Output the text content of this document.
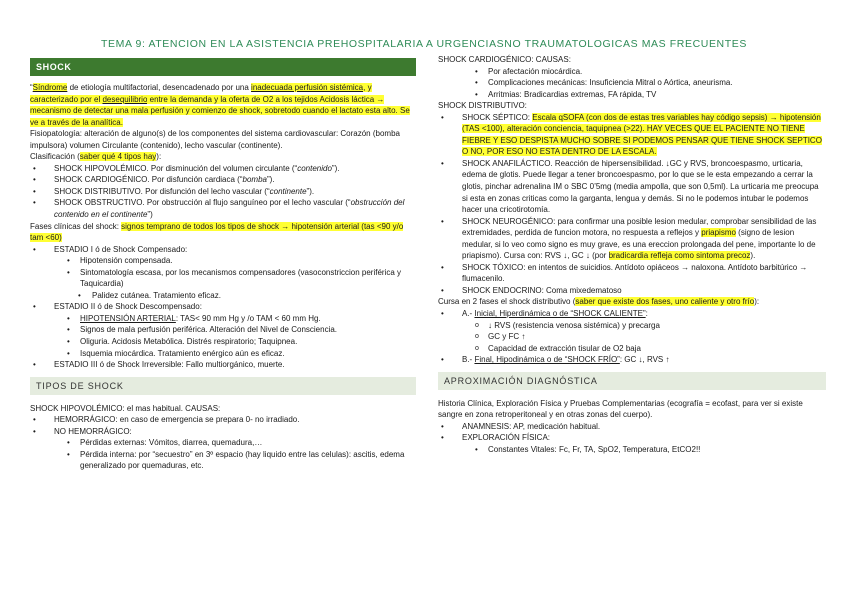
TEMA 9: ATENCION EN LA ASISTENCIA PREHOSPITALARIA A URGENCIASNO TRAUMATOLOGICAS MAS FRECUENTES
SHOCK

“Síndrome de etiología multifactorial, desencadenado por una inadecuada perfusión sistémica, y caracterizado por el desequilibrio entre la demanda y la oferta de O2 a los tejidos Acidosis láctica → mecanismo de detectar una mala perfusión y comienzo de shock, sobretodo cuando el lactato esta alto. Se ve a través de la analítica.

Fisiopatología: alteración de alguno(s) de los componentes del sistema cardiovascular: Corazón (bomba impulsora) volumen Circulante (contenido), lecho vascular (continente).

Clasificación (saber qué 4 tipos hay):

• SHOCK HIPOVOLÉMICO. Por disminución del volumen circulante (“contenido”).
• SHOCK CARDIOGÉNICO. Por disfunción cardiaca (“bomba”).
• SHOCK DISTRIBUTIVO. Por disfunción del lecho vascular (“continente”).
• SHOCK OBSTRUCTIVO. Por obstrucción al flujo sanguíneo por el lecho vascular (“obstrucción del contenido en el continente”)

Fases clínicas del shock: signos temprano de todos los tipos de shock → hipotensión arterial (tas <90 y/o tam <60)

• ESTADIO I ó de Shock Compensado:
• Hipotensión compensada.
• Sintomatología escasa, por los mecanismos compensadores (vasoconstriccion periférica y Taquicardia)
• Palidez cutánea. Tratamiento eficaz.
• ESTADIO II ó de Shock Descompensado:
• HIPOTENSIÓN ARTERIAL: TAS< 90 mm Hg y /o TAM < 60 mm Hg.
• Signos de mala perfusión periférica. Alteración del Nivel de Consciencia.
• Oliguria. Acidosis Metabólica. Distrés respiratorio; Taquipnea.
• Isquemia miocárdica. Tratamiento enérgico aún es eficaz.
• ESTADIO III ó de Shock Irreversible: Fallo multiorgánico, muerte.
TIPOS DE SHOCK

SHOCK HIPOVOLÉMICO: el mas habitual. CAUSAS:

• HEMORRÁGICO: en caso de emergencia se prepara 0- no irradiado.
• NO HEMORRÁGICO:
• Pérdidas externas: Vómitos, diarrea, quemadura,…
• Pérdida interna: por “secuestro” en 3º espacio (hay liquido entre las celulas): ascitis, edema generalizado por quemaduras, etc.

SHOCK CARDIOGÉNICO: CAUSAS:

• Por afectación miocárdica.
• Complicaciones mecánicas: Insuficiencia Mitral o Aórtica, aneurisma.
• Arritmias: Bradicardias extremas, FA rápida, TV

SHOCK DISTRIBUTIVO:

• SHOCK SÉPTICO: Escala qSOFA (con dos de estas tres variables hay código sepsis) → hipotensión (TAS <100), alteración conciencia, taquipnea (>22). HAY VECES QUE EL PACIENTE NO TIENE FIEBRE Y ESO DESPISTA MUCHO SOBRE SI PODEMOS PENSAR QUE TIENE SHOCK SEPTICO O NO, POR ESO NO ESTA DENTRO DE LA ESCALA.
• SHOCK ANAFILÁCTICO. Reacción de hipersensibilidad. ↓GC y RVS, broncoespasmo, urticaria, edema de glotis. Puede llegar a tener broncoespasmo, por lo que se le esta empezando a cerrar la glotis, pinchar adrenalina IM o SBC 0’5mg (media ampolla, que son 0,5ml). La urticaria me preocupa si esta en zonas criticas como la garganta, lengua y demás. Si no le podemos intubar le podemos hacer una cricotirotomía.
• SHOCK NEUROGÉNICO: para confirmar una posible lesion medular, comprobar sensibilidad de las extremidades, perdida de funcion motora, no respuesta a reflejos y priapismo (signo de lesion medular, si lo veo como signo es muy grave, es una ereccion prolongada del pene, importante lo de priapismo). Cursa con: RVS ↓, GC ↓ (por bradicardia refleja como sintoma precoz).
• SHOCK TÓXICO: en intentos de suicidios. Antídoto opiáceos → naloxona. Antídoto barbitúrico → flumacenilo.
• SHOCK ENDOCRINO: Coma mixedematoso

Cursa en 2 fases el shock distributivo (saber que existe dos fases, uno caliente y otro frío):

• A.- Inicial, Hiperdinámica o de “SHOCK CALIENTE”:
o ↓ RVS (resistencia venosa sistémica) y precarga
o GC y FC ↑
o Capacidad de extracción tisular de O2 baja
• B.- Final, Hipodinámica o de “SHOCK FRÍO”: GC ↓, RVS ↑
APROXIMACIÓN DIAGNÓSTICA

Historia Clínica, Exploración Física y Pruebas Complementarias (ecografía = ecofast, para ver si existe sangre en zona retroperitoneal y en otras zonas del cuerpo).

• ANAMNESIS: AP, medicación habitual.
• EXPLORACIÓN FÍSICA:
• Constantes Vitales: Fc, Fr, TA, SpO2, Temperatura, EtCO2!!
